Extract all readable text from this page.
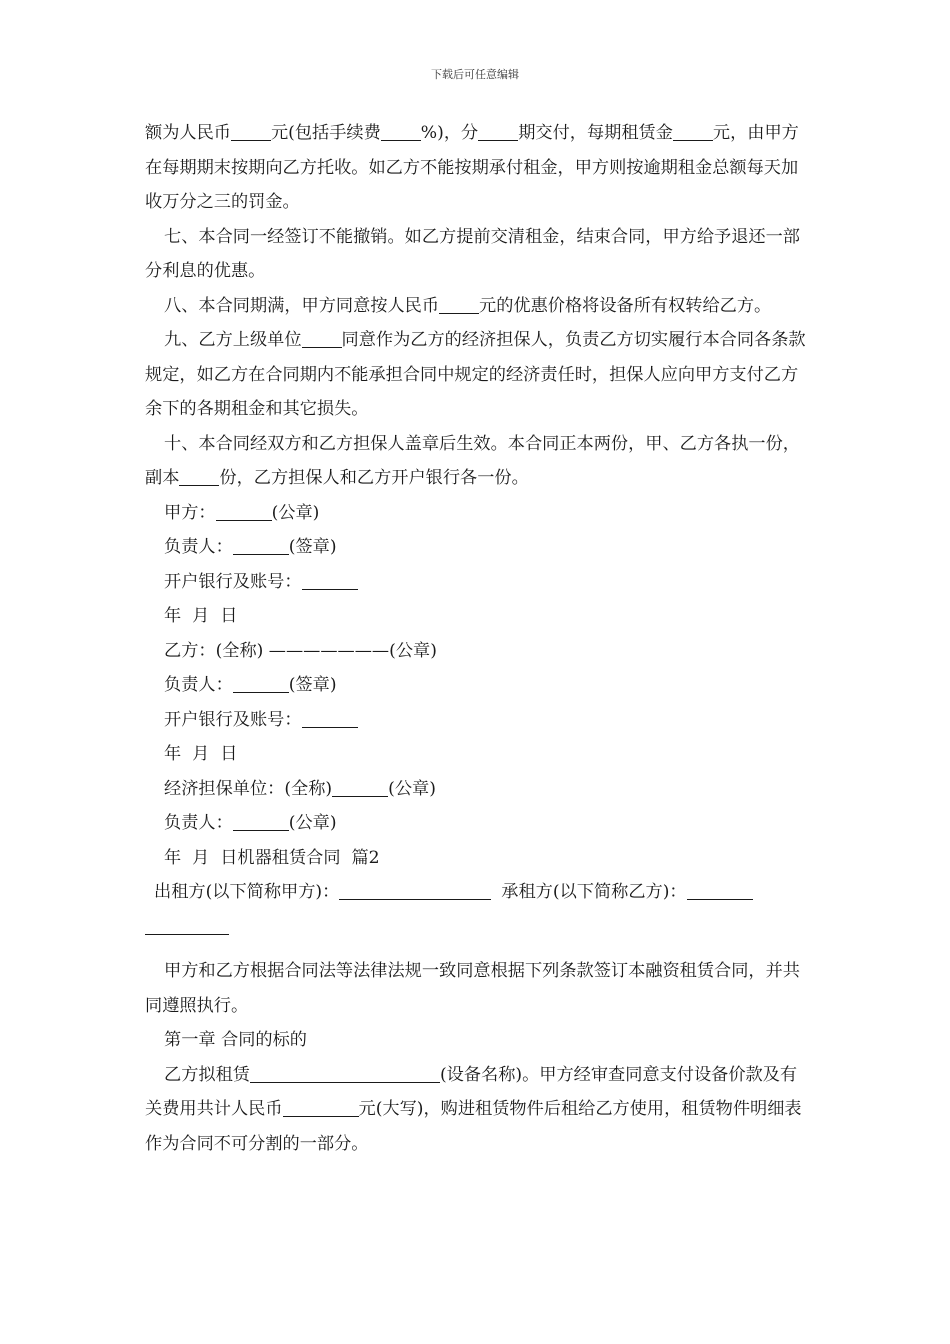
下载后可任意编辑

额为人民币 元(包括手续费 %)，分 期交付，每期租赁金 元，由甲方在每期期末按期向乙方托收。如乙方不能按期承付租金，甲方则按逾期租金总额每天加收万分之三的罚金。

七、本合同一经签订不能撤销。如乙方提前交清租金，结束合同，甲方给予退还一部分利息的优惠。

八、本合同期满，甲方同意按人民币 元的优惠价格将设备所有权转给乙方。

九、乙方上级单位 同意作为乙方的经济担保人，负责乙方切实履行本合同各条款规定，如乙方在合同期内不能承担合同中规定的经济责任时，担保人应向甲方支付乙方余下的各期租金和其它损失。

十、本合同经双方和乙方担保人盖章后生效。本合同正本两份，甲、乙方各执一份，副本 份，乙方担保人和乙方开户银行各一份。

甲方：	(公章)
负责人：	(签章)
开户银行及账号：
年  月  日
乙方：(全称) ———————(公章)
负责人：	(签章)
开户银行及账号：
年  月  日
经济担保单位：(全称)	(公章)
负责人：	(公章)
年  月  日机器租赁合同  篇2
出租方(以下简称甲方)：	承租方(以下简称乙方)：

甲方和乙方根据合同法等法律法规一致同意根据下列条款签订本融资租赁合同，并共同遵照执行。

第一章 合同的标的

乙方拟租赁	(设备名称)。甲方经审查同意支付设备价款及有关费用共计人民币	元(大写)，购进租赁物件后租给乙方使用，租赁物件明细表作为合同不可分割的一部分。
